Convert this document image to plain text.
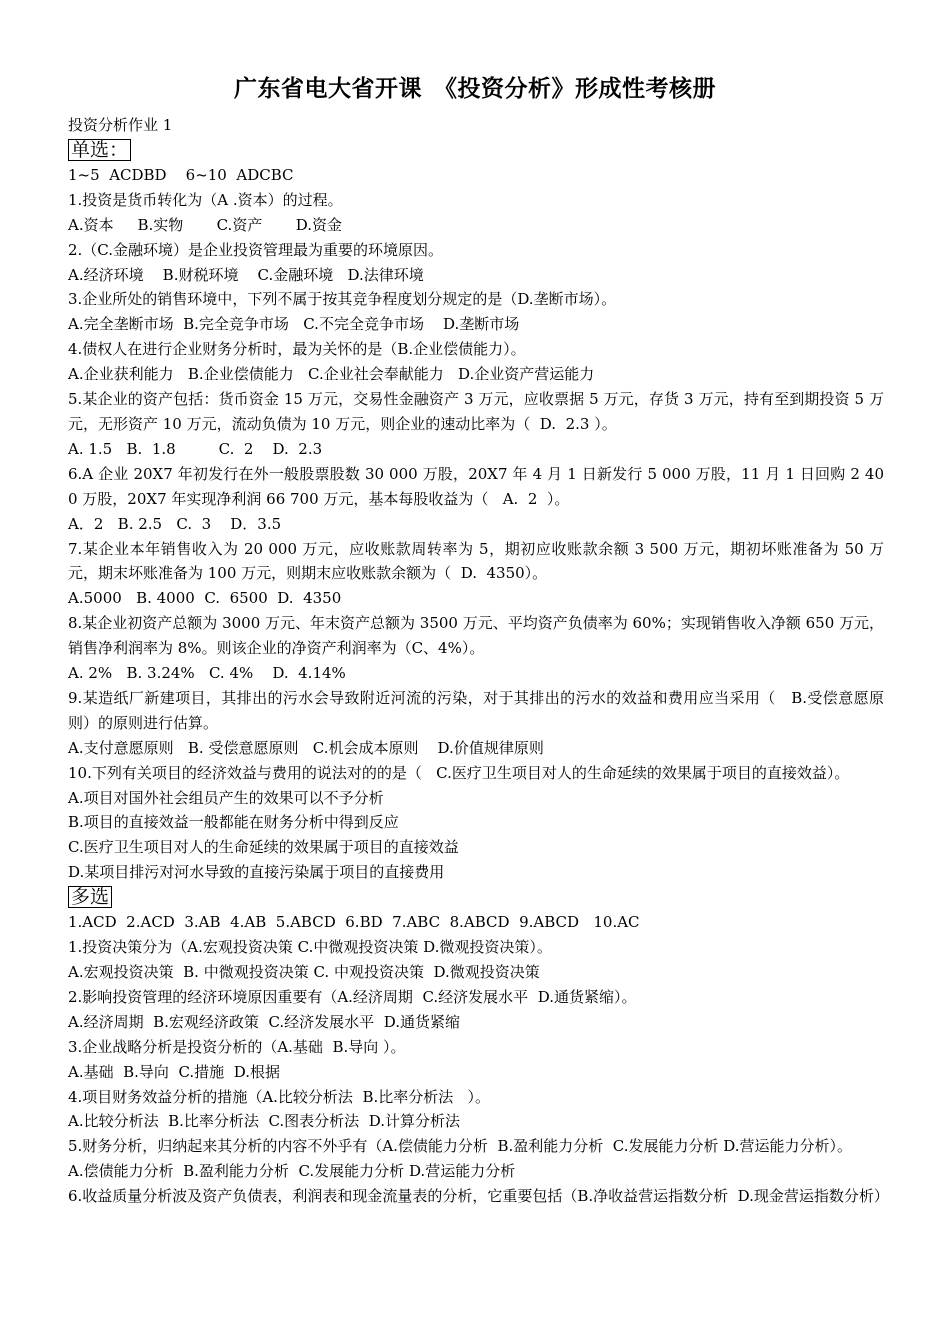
广东省电大省开课　《投资分析》形成性考核册
投资分析作业 1
单选：
1~5  ACDBD    6~10  ADCBC
1.投资是货币转化为（A .资本）的过程。
A.资本     B.实物       C.资产       D.资金
2.（C.金融环境）是企业投资管理最为重要的环境原因。
A.经济环境    B.财税环境    C.金融环境   D.法律环境
3.企业所处的销售环境中，下列不属于按其竞争程度划分规定的是（D.垄断市场）。
A.完全垄断市场  B.完全竞争市场   C.不完全竞争市场    D.垄断市场
4.债权人在进行企业财务分析时，最为关怀的是（B.企业偿债能力）。
A.企业获利能力   B.企业偿债能力   C.企业社会奉献能力   D.企业资产营运能力
5.某企业的资产包括：货币资金 15 万元，交易性金融资产 3 万元，应收票据 5 万元，存货 3 万元，持有至到期投资 5 万元，无形资产 10 万元，流动负债为 10 万元，则企业的速动比率为（  D.  2.3 ）。
A. 1.5   B.  1.8         C.  2    D.  2.3
6.A 企业 20X7 年初发行在外一般股票股数 30 000 万股，20X7 年 4 月 1 日新发行 5 000 万股，11 月 1 日回购 2 400 万股，20X7 年实现净利润 66 700 万元，基本每股收益为（   A.  2  ）。
A．2   B. 2.5   C.  3    D．3.5
7.某企业本年销售收入为 20 000 万元，应收账款周转率为 5，期初应收账款余额 3 500 万元，期初坏账准备为 50 万元，期末坏账准备为 100 万元，则期末应收账款余额为（  D.  4350）。
A.5000   B. 4000  C.  6500  D.  4350
8.某企业初资产总额为 3000 万元、年末资产总额为 3500 万元、平均资产负债率为 60%；实现销售收入净额 650 万元，销售净利润率为 8%。则该企业的净资产利润率为（C、4%）。
A. 2%   B. 3.24%   C. 4%    D.  4.14%
9.某造纸厂新建项目，其排出的污水会导致附近河流的污染，对于其排出的污水的效益和费用应当采用（   B.受偿意愿原则）的原则进行估算。
A.支付意愿原则   B. 受偿意愿原则   C.机会成本原则    D.价值规律原则
10.下列有关项目的经济效益与费用的说法对的的是（   C.医疗卫生项目对人的生命延续的效果属于项目的直接效益）。
A.项目对国外社会组员产生的效果可以不予分析
B.项目的直接效益一般都能在财务分析中得到反应
C.医疗卫生项目对人的生命延续的效果属于项目的直接效益
D.某项目排污对河水导致的直接污染属于项目的直接费用
多选
1.ACD  2.ACD  3.AB  4.AB  5.ABCD  6.BD  7.ABC  8.ABCD  9.ABCD   10.AC
1.投资决策分为（A.宏观投资决策 C.中微观投资决策 D.微观投资决策）。
A.宏观投资决策  B. 中微观投资决策 C. 中观投资决策  D.微观投资决策
2.影响投资管理的经济环境原因重要有（A.经济周期  C.经济发展水平  D.通货紧缩）。
A.经济周期  B.宏观经济政策  C.经济发展水平  D.通货紧缩
3.企业战略分析是投资分析的（A.基础  B.导向 ）。
A.基础  B.导向  C.措施  D.根据
4.项目财务效益分析的措施（A.比较分析法  B.比率分析法   ）。
A.比较分析法  B.比率分析法  C.图表分析法  D.计算分析法
5.财务分析，归纳起来其分析的内容不外乎有（A.偿债能力分析  B.盈利能力分析  C.发展能力分析 D.营运能力分析）。
A.偿债能力分析  B.盈利能力分析  C.发展能力分析 D.营运能力分析
6.收益质量分析波及资产负债表，利润表和现金流量表的分析，它重要包括（B.净收益营运指数分析  D.现金营运指数分析）
